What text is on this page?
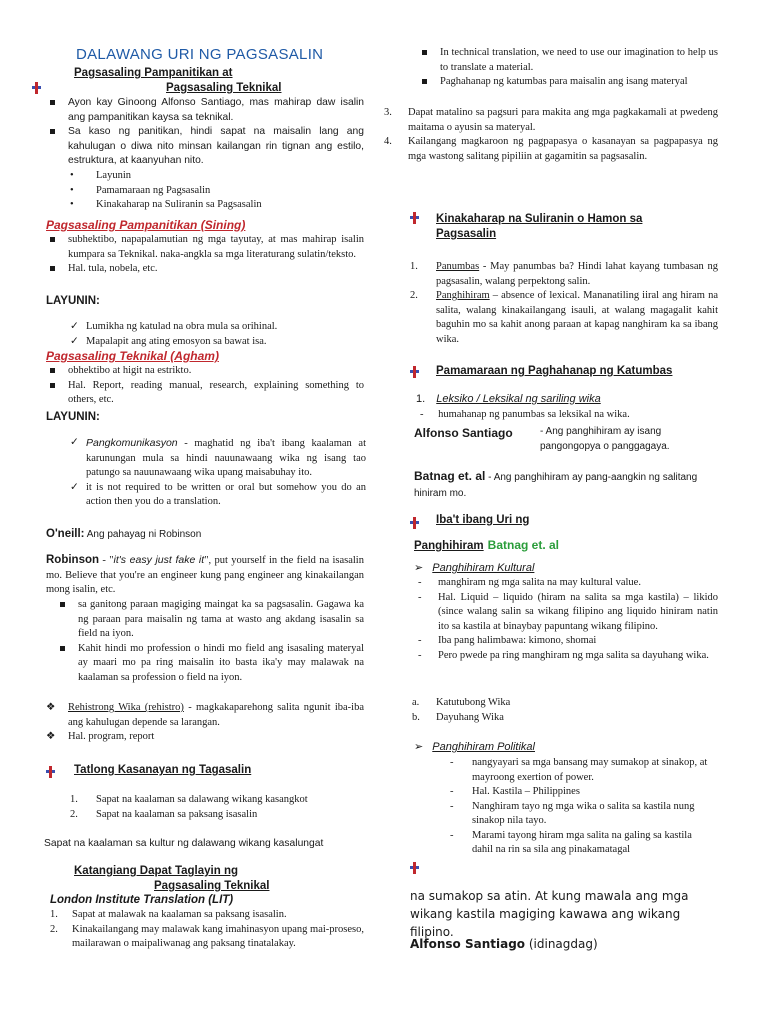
DALAWANG URI NG PAGSASALIN
Pagsasaling Pampanitikan at
Pagsasaling Teknikal
Ayon kay Ginoong Alfonso Santiago, mas mahirap daw isalin ang pampanitikan kaysa sa teknikal.
Sa kaso ng panitikan, hindi sapat na maisalin lang ang kahulugan o diwa nito minsan kailangan rin tignan ang estilo, estruktura, at kaanyuhan nito.
• Layunin
• Pamamaraan ng Pagsasalin
• Kinakaharap na Suliranin sa Pagsasalin
Pagsasaling Pampanitikan (Sining)
subhektibo, napapalamutian ng mga tayutay, at mas mahirap isalin kumpara sa Teknikal. naka-angkla sa mga literaturang sulatin/teksto.
Hal. tula, nobela, etc.
LAYUNIN:
✓ Lumikha ng katulad na obra mula sa orihinal.
✓ Mapalapit ang ating emosyon sa bawat isa.
Pagsasaling Teknikal (Agham)
obhektibo at higit na estrikto.
Hal. Report, reading manual, research, explaining something to others, etc.
LAYUNIN:
✓ Pangkomunikasyon - maghatid ng iba't ibang kaalaman at karunungan mula sa hindi nauunawaang wika ng isang tao patungo sa nauunawaang wika upang maisabuhay ito.
✓ it is not required to be written or oral but somehow you do an action then you do a translation.
O'neill: Ang pahayag ni Robinson
Robinson - "it's easy just fake it", put yourself in the field na isasalin mo. Believe that you're an engineer kung pang engineer ang kinakailangan mong isalin, etc.
sa ganitong paraan magiging maingat ka sa pagsasalin. Gagawa ka ng paraan para maisalin ng tama at wasto ang akdang isasalin sa field na iyon.
Kahit hindi mo profession o hindi mo field ang isasaling materyal ay maari mo pa ring maisalin ito basta ika'y may malawak na kaalaman sa profession o field na iyon.
❖ Rehistrong Wika (rehistro) - magkakaparehong salita ngunit iba-iba ang kahulugan depende sa larangan.
❖ Hal. program, report
Tatlong Kasanayan ng Tagasalin
1. Sapat na kaalaman sa dalawang wikang kasangkot
2. Sapat na kaalaman sa paksang isasalin
Sapat na kaalaman sa kultur ng dalawang wikang kasalungat
Katangiang Dapat Taglayin ng
Pagsasaling Teknikal
London Institute Translation (LIT)
1. Sapat at malawak na kaalaman sa paksang isasalin.
2. Kinakailangang may malawak kang imahinasyon upang mai-proseso, mailarawan o maipaliwanag ang paksang tinatalakay.
In technical translation, we need to use our imagination to help us to translate a material.
Paghahanap ng katumbas para maisalin ang isang materyal
3. Dapat matalino sa pagsuri para makita ang mga pagkakamali at pwedeng maitama o ayusin sa materyal.
4. Kailangang magkaroon ng pagpapasya o kasanayan sa pagpapasya ng mga wastong salitang pipiliin at gagamitin sa pagsasalin.
Kinakaharap na Suliranin o Hamon sa
Pagsasalin
1. Panumbas - May panumbas ba? Hindi lahat kayang tumbasan ng pagsasalin, walang perpektong salin.
2. Panghihiram – absence of lexical. Mananatiling iiral ang hiram na salita, walang kinakailangang isauli, at walang magagalit kahit baguhin mo sa kahit anong paraan at kapag nanghiram ka sa ibang wika.
Pamamaraan ng Paghahanap ng Katumbas
1. Leksiko / Leksikal ng sariling wika
- humahanap ng panumbas sa leksikal na wika.
Alfonso Santiago	- Ang panghihiram ay isang pangongopya o panggagaya.
Batnag et. al - Ang panghihiram ay pang-aangkin ng salitang hiniram mo.
Iba't ibang Uri ng
Panghihiram Batnag et. al
➢ Panghihiram Kultural
- manghiram ng mga salita na may kultural value.
- Hal. Liquid – liquido (hiram na salita sa mga kastila) – likido (since walang salin sa wikang filipino ang liquido hiniram natin ito sa kastila at binaybay papuntang wikang filipino.
- Iba pang halimbawa: kimono, shomai
- Pero pwede pa ring manghiram ng mga salita sa dayuhang wika.
a. Katutubong Wika
b. Dayuhang Wika
➢ Panghihiram Politikal
- nangyayari sa mga bansang may sumakop at sinakop, at mayroong exertion of power.
- Hal. Kastila – Philippines
- Nanghiram tayo ng mga wika o salita sa kastila nung sinakop nila tayo.
- Marami tayong hiram mga salita na galing sa kastila dahil na rin sa sila ang pinakamatagal
na sumakop sa atin. At kung mawala ang mga wikang kastila magiging kawawa ang wikang filipino.
Alfonso Santiago (idinagdag)
